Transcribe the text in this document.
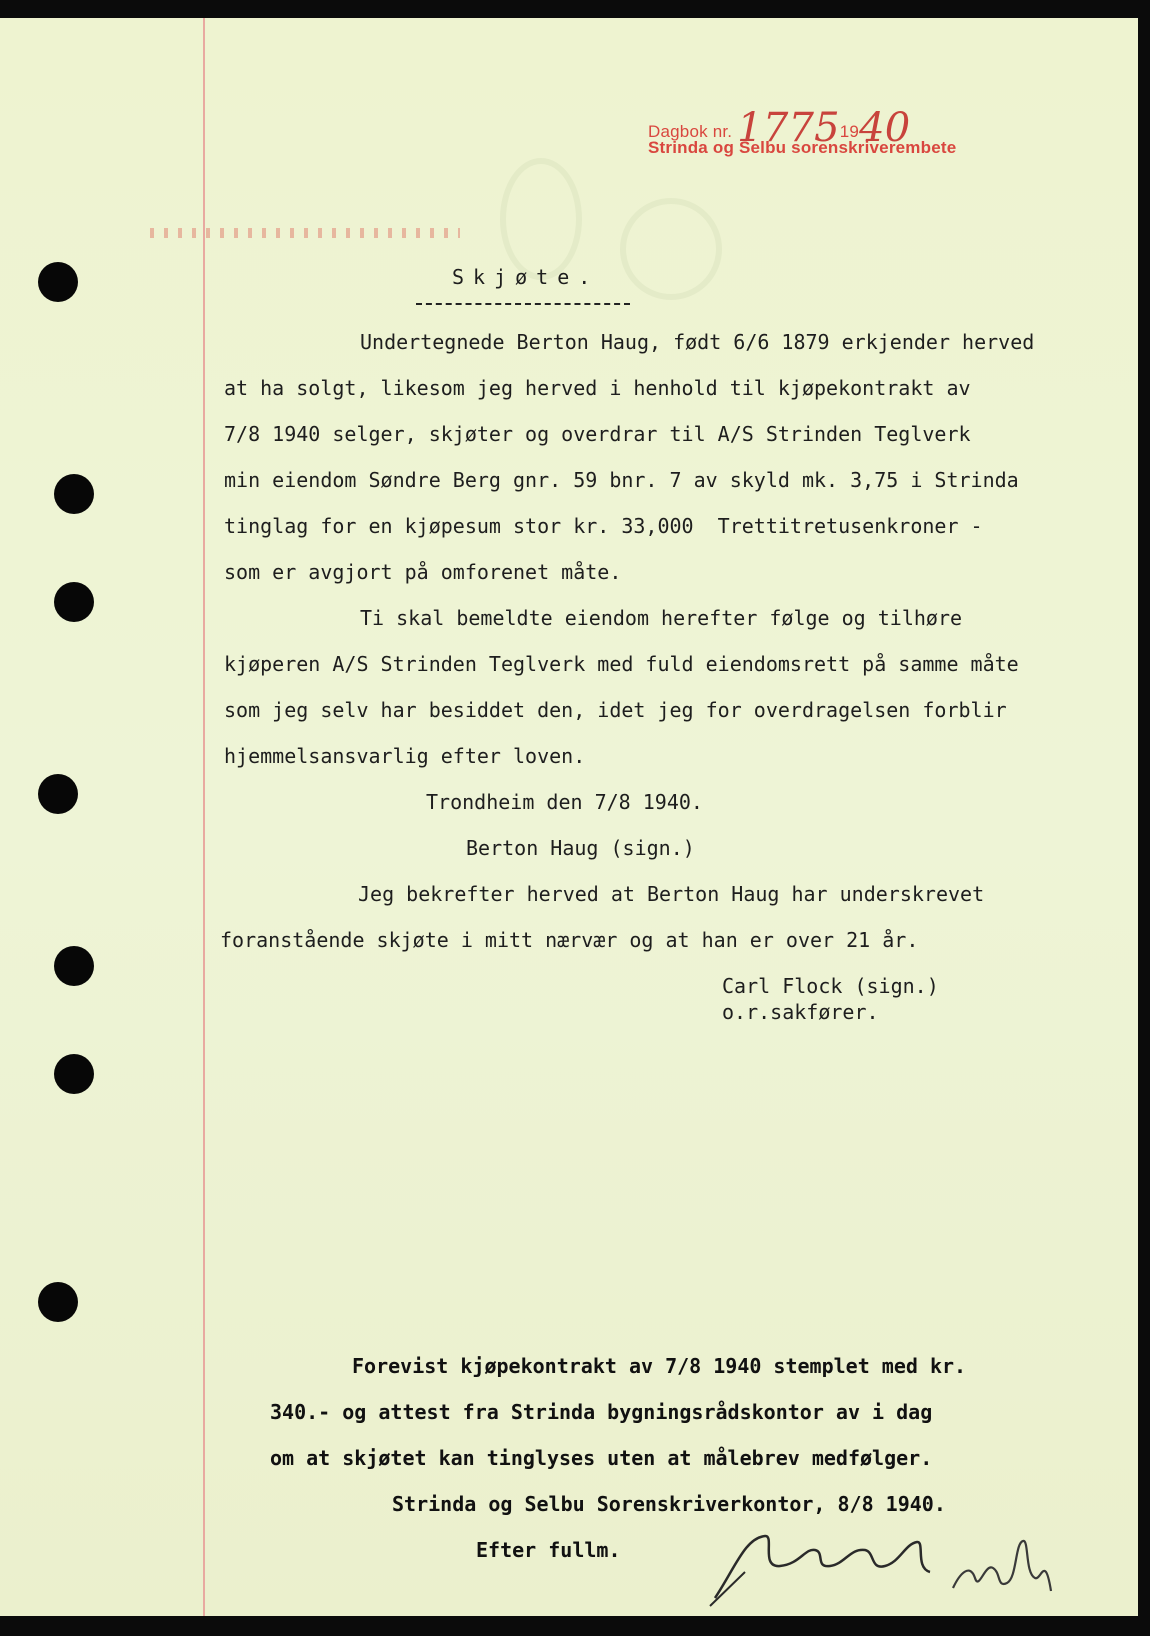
Dagbok nr. 17751940
Strinda og Selbu sorenskriverembete
Skjøte.
Undertegnede Berton Haug, født 6/6 1879 erkjender herved
at ha solgt, likesom jeg herved i henhold til kjøpekontrakt av
7/8 1940 selger, skjøter og overdrar til A/S Strinden Teglverk
min eiendom Søndre Berg gnr. 59 bnr. 7 av skyld mk. 3,75 i Strinda
tinglag for en kjøpesum stor kr. 33,000  Trettitretusenkroner -
som er avgjort på omforenet måte.
Ti skal bemeldte eiendom herefter følge og tilhøre
kjøperen A/S Strinden Teglverk med fuld eiendomsrett på samme måte
som jeg selv har besiddet den, idet jeg for overdragelsen forblir
hjemmelsansvarlig efter loven.
Trondheim den 7/8 1940.
Berton Haug (sign.)
Jeg bekrefter herved at Berton Haug har underskrevet
foranstående skjøte i mitt nærvær og at han er over 21 år.
Carl Flock (sign.)
o.r.sakfører.
Forevist kjøpekontrakt av 7/8 1940 stemplet med kr.
340.- og attest fra Strinda bygningsrådskontor av i dag
om at skjøtet kan tinglyses uten at målebrev medfølger.
Strinda og Selbu Sorenskriverkontor, 8/8 1940.
Efter fullm.
